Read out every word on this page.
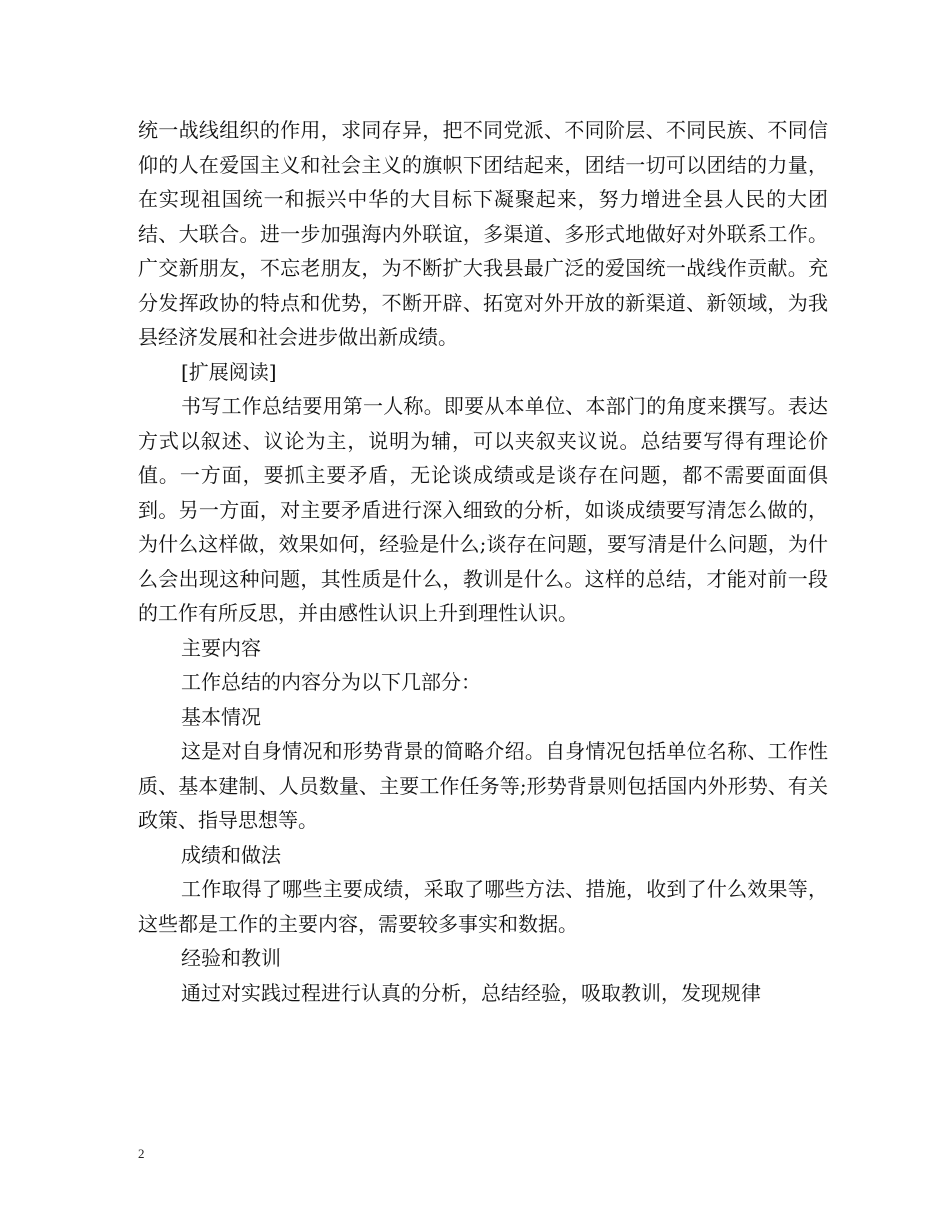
统一战线组织的作用，求同存异，把不同党派、不同阶层、不同民族、不同信仰的人在爱国主义和社会主义的旗帜下团结起来，团结一切可以团结的力量，在实现祖国统一和振兴中华的大目标下凝聚起来，努力增进全县人民的大团结、大联合。进一步加强海内外联谊，多渠道、多形式地做好对外联系工作。广交新朋友，不忘老朋友，为不断扩大我县最广泛的爱国统一战线作贡献。充分发挥政协的特点和优势，不断开辟、拓宽对外开放的新渠道、新领域，为我县经济发展和社会进步做出新成绩。

[扩展阅读]

书写工作总结要用第一人称。即要从本单位、本部门的角度来撰写。表达方式以叙述、议论为主，说明为辅，可以夹叙夹议说。总结要写得有理论价值。一方面，要抓主要矛盾，无论谈成绩或是谈存在问题，都不需要面面俱到。另一方面，对主要矛盾进行深入细致的分析，如谈成绩要写清怎么做的，为什么这样做，效果如何，经验是什么;谈存在问题，要写清是什么问题，为什么会出现这种问题，其性质是什么，教训是什么。这样的总结，才能对前一段的工作有所反思，并由感性认识上升到理性认识。

主要内容

工作总结的内容分为以下几部分：

基本情况

这是对自身情况和形势背景的简略介绍。自身情况包括单位名称、工作性质、基本建制、人员数量、主要工作任务等;形势背景则包括国内外形势、有关政策、指导思想等。

成绩和做法

工作取得了哪些主要成绩，采取了哪些方法、措施，收到了什么效果等，这些都是工作的主要内容，需要较多事实和数据。

经验和教训

通过对实践过程进行认真的分析，总结经验，吸取教训，发现规律

2
